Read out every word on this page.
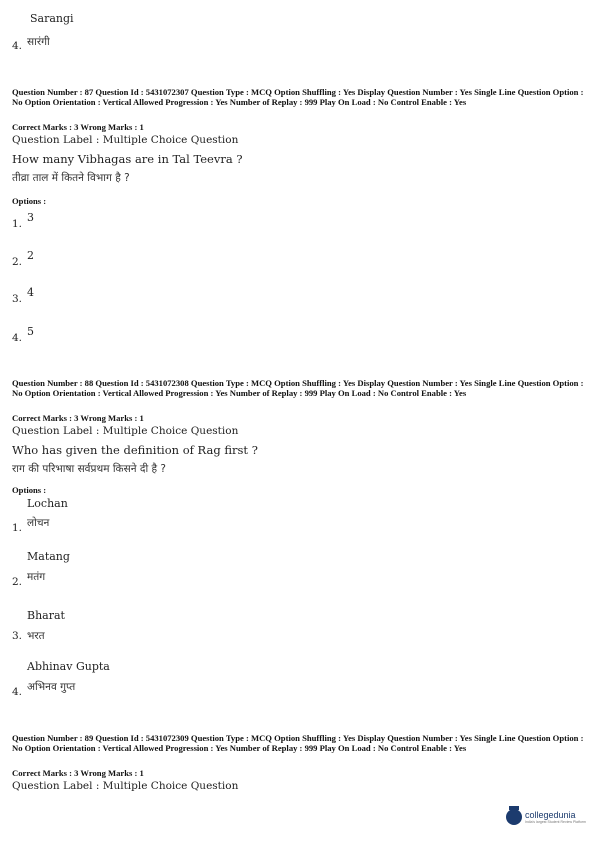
Sarangi
4. सारंगी
Question Number : 87 Question Id : 5431072307 Question Type : MCQ Option Shuffling : Yes Display Question Number : Yes Single Line Question Option : No Option Orientation : Vertical Allowed Progression : Yes Number of Replay : 999 Play On Load : No Control Enable : Yes
Correct Marks : 3 Wrong Marks : 1
Question Label : Multiple Choice Question
How many Vibhagas are in Tal Teevra ?
तीव्रा ताल में कितने विभाग है ?
Options :
1. 3
2. 2
3. 4
4. 5
Question Number : 88 Question Id : 5431072308 Question Type : MCQ Option Shuffling : Yes Display Question Number : Yes Single Line Question Option : No Option Orientation : Vertical Allowed Progression : Yes Number of Replay : 999 Play On Load : No Control Enable : Yes
Correct Marks : 3 Wrong Marks : 1
Question Label : Multiple Choice Question
Who has given the definition of Rag first ?
राग की परिभाषा सर्वप्रथम किसने दी है ?
Options :
Lochan
1. लोचन
Matang
2. मतंग
Bharat
3. भरत
Abhinav Gupta
4. अभिनव गुप्त
Question Number : 89 Question Id : 5431072309 Question Type : MCQ Option Shuffling : Yes Display Question Number : Yes Single Line Question Option : No Option Orientation : Vertical Allowed Progression : Yes Number of Replay : 999 Play On Load : No Control Enable : Yes
Correct Marks : 3 Wrong Marks : 1
Question Label : Multiple Choice Question
collegedunia
India's largest Student Review Platform
